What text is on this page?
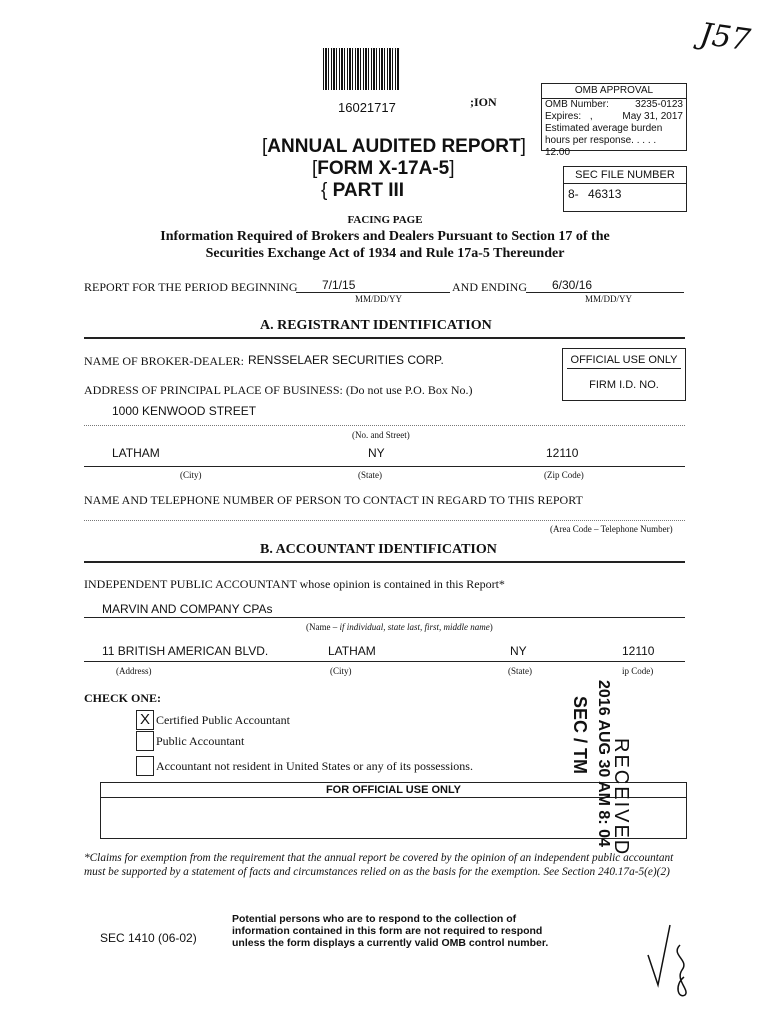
J57
16021717	;ION
OMB APPROVAL
OMB Number:	3235-0123
Expires: ,	May 31, 2017
Estimated average burden
hours per response. . . . . 12.00
[ANNUAL AUDITED REPORT]
[FORM X-17A-5]
{ PART III
SEC FILE NUMBER
8- 46313
FACING PAGE
Information Required of Brokers and Dealers Pursuant to Section 17 of the
Securities Exchange Act of 1934 and Rule 17a-5 Thereunder
REPORT FOR THE PERIOD BEGINNING 7/1/15
MM/DD/YY
AND ENDING 6/30/16
MM/DD/YY
A. REGISTRANT IDENTIFICATION
NAME OF BROKER-DEALER: RENSSELAER SECURITIES CORP.	OFFICIAL USE ONLY
FIRM I.D. NO.
ADDRESS OF PRINCIPAL PLACE OF BUSINESS: (Do not use P.O. Box No.)
1000 KENWOOD STREET
(No. and Street)
LATHAM	NY	12110
(City)	(State)	(Zip Code)
NAME AND TELEPHONE NUMBER OF PERSON TO CONTACT IN REGARD TO THIS REPORT
(Area Code – Telephone Number)
B. ACCOUNTANT IDENTIFICATION
INDEPENDENT PUBLIC ACCOUNTANT whose opinion is contained in this Report*
MARVIN AND COMPANY CPAs
(Name – if individual, state last, first, middle name)
11 BRITISH AMERICAN BLVD.	LATHAM	NY	12110
(Address)	(City)	(State)	ip Code)
CHECK ONE:
X Certified Public Accountant
Public Accountant
Accountant not resident in United States or any of its possessions.
FOR OFFICIAL USE ONLY	RECEIVED
2016 AUG 30 AM 8: 04
SEC / TM
*Claims for exemption from the requirement that the annual report be covered by the opinion of an independent public accountant must be supported by a statement of facts and circumstances relied on as the basis for the exemption. See Section 240.17a-5(e)(2)
SEC 1410 (06-02)
Potential persons who are to respond to the collection of
information contained in this form are not required to respond
unless the form displays a currently valid OMB control number.
